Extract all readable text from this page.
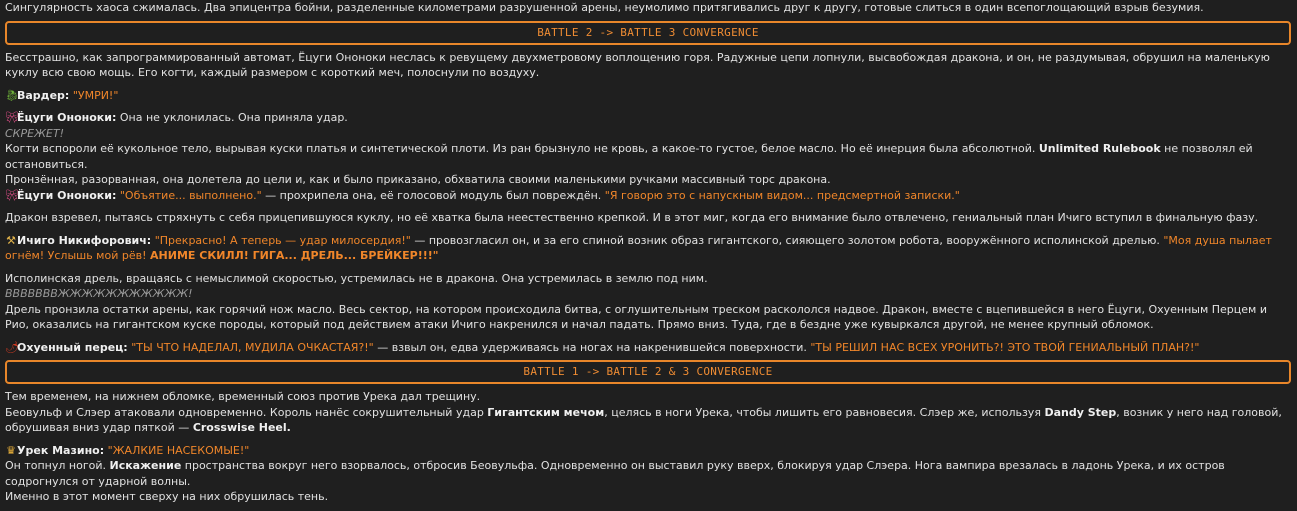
Сингулярность хаоса сжималась. Два эпицентра бойни, разделенные километрами разрушенной арены, неумолимо притягивались друг к другу, готовые слиться в один всепоглощающий взрыв безумия.

BATTLE 2 -> BATTLE 3 CONVERGENCE

Бесстрашно, как запрограммированный автомат, Ёцуги Ононоки неслась к ревущему двухметровому воплощению горя. Радужные цепи лопнули, высвобождая дракона, и он, не раздумывая, обрушил на маленькую куклу всю свою мощь. Его когти, каждый размером с короткий меч, полоснули по воздуху.

🐉︎Вардер: "УМРИ!"

🎀︎Ёцуги Ононоки: Она не уклонилась. Она приняла удар.

СКРЕЖЕТ!

Когти вспороли её кукольное тело, вырывая куски платья и синтетической плоти. Из ран брызнуло не кровь, а какое-то густое, белое масло. Но её инерция была абсолютной. Unlimited Rulebook не позволял ей остановиться.

Пронзённая, разорванная, она долетела до цели и, как и было приказано, обхватила своими маленькими ручками массивный торс дракона.

🎀︎Ёцуги Ононоки: "Объятие... выполнено." — прохрипела она, её голосовой модуль был повреждён. "Я говорю это с напускным видом... предсмертной записки."

Дракон взревел, пытаясь стряхнуть с себя прицепившуюся куклу, но её хватка была неестественно крепкой. И в этот миг, когда его внимание было отвлечено, гениальный план Ичиго вступил в финальную фазу.

⚒︎Ичиго Никифорович: "Прекрасно! А теперь — удар милосердия!" — провозгласил он, и за его спиной возник образ гигантского, сияющего золотом робота, вооружённого исполинской дрелью. "Моя душа пылает огнём! Услышь мой рёв! АНИМЕ СКИЛЛ! ГИГА... ДРЕЛЬ... БРЕЙКЕР!!!"

Исполинская дрель, вращаясь с немыслимой скоростью, устремилась не в дракона. Она устремилась в землю под ним.

ВВВВВВВЖЖЖЖЖЖЖЖЖЖЖ!

Дрель пронзила остатки арены, как горячий нож масло. Весь сектор, на котором происходила битва, с оглушительным треском раскололся надвое. Дракон, вместе с вцепившейся в него Ёцуги, Охуенным Перцем и Рио, оказались на гигантском куске породы, который под действием атаки Ичиго накренился и начал падать. Прямо вниз. Туда, где в бездне уже кувыркался другой, не менее крупный обломок.

🌶︎Охуенный перец: "ТЫ ЧТО НАДЕЛАЛ, МУДИЛА ОЧКАСТАЯ?!" — взвыл он, едва удерживаясь на ногах на накренившейся поверхности. "ТЫ РЕШИЛ НАС ВСЕХ УРОНИТЬ?! ЭТО ТВОЙ ГЕНИАЛЬНЫЙ ПЛАН?!"

BATTLE 1 -> BATTLE 2 & 3 CONVERGENCE

Тем временем, на нижнем обломке, временный союз против Урека дал трещину.

Беовульф и Слэер атаковали одновременно. Король нанёс сокрушительный удар Гигантским мечом, целясь в ноги Урека, чтобы лишить его равновесия. Слэер же, используя Dandy Step, возник у него над головой, обрушивая вниз удар пяткой — Crosswise Heel.

♛︎Урек Мазино: "ЖАЛКИЕ НАСЕКОМЫЕ!"

Он топнул ногой. Искажение пространства вокруг него взорвалось, отбросив Беовульфа. Одновременно он выставил руку вверх, блокируя удар Слэера. Нога вампира врезалась в ладонь Урека, и их остров содрогнулся от ударной волны.

Именно в этот момент сверху на них обрушилась тень.
